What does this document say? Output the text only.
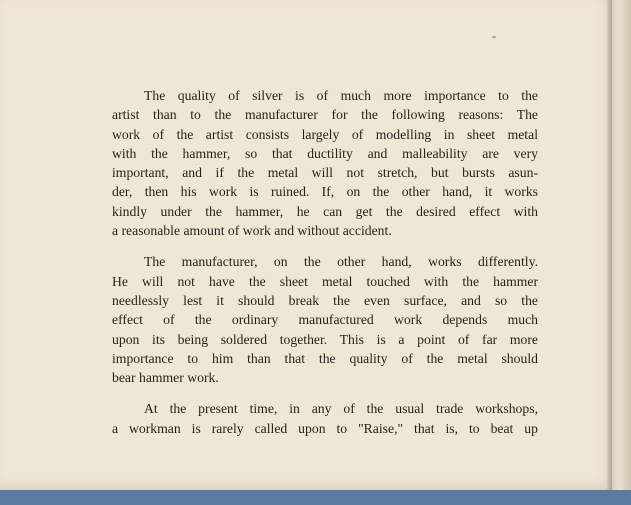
The quality of silver is of much more importance to the
artist than to the manufacturer for the following reasons: The
work of the artist consists largely of modelling in sheet metal
with the hammer, so that ductility and malleability are very
important, and if the metal will not stretch, but bursts asun-
der, then his work is ruined. If, on the other hand, it works
kindly under the hammer, he can get the desired effect with
a reasonable amount of work and without accident.

The manufacturer, on the other hand, works differently.
He will not have the sheet metal touched with the hammer
needlessly lest it should break the even surface, and so the
effect of the ordinary manufactured work depends much
upon its being soldered together. This is a point of far more
importance to him than that the quality of the metal should
bear hammer work.

At the present time, in any of the usual trade workshops,
a workman is rarely called upon to "Raise," that is, to beat up
